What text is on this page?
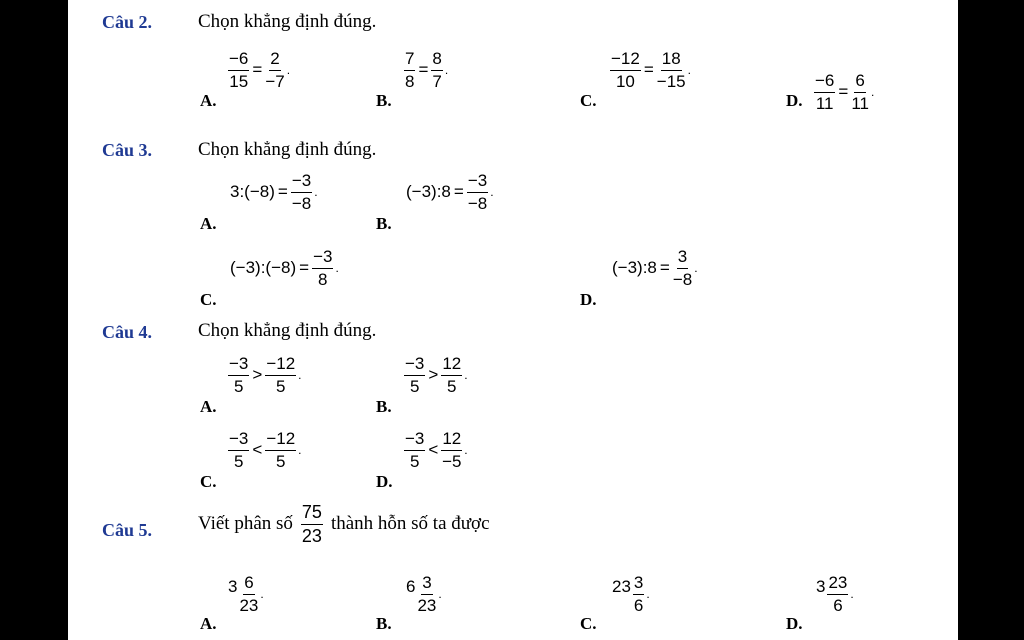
Câu 2. Chọn khẳng định đúng.
A.
$\frac{-6}{15} = \frac{2}{-7}$ .
B.
$\frac{7}{8} = \frac{8}{7}$ .
C.
$\frac{-12}{10} = \frac{18}{-15}$ .
D. $\frac{-6}{11} = \frac{6}{11}$ .
Câu 3. Chọn khẳng định đúng.
A.
3:(−8) = $\frac{-3}{-8}$ .
B.
(−3):8 = $\frac{-3}{-8}$ .
C.
(−3):(−8) = $\frac{-3}{8}$ .
D.
(−3):8 = $\frac{3}{-8}$ .
Câu 4. Chọn khẳng định đúng.
A.
$\frac{-3}{5} > \frac{-12}{5}$ .
B.
$\frac{-3}{5} > \frac{12}{5}$ .
C.
$\frac{-3}{5} < \frac{-12}{5}$ .
D.
$\frac{-3}{5} < \frac{12}{-5}$ .
Câu 5. Viết phân số $\frac{75}{23}$ thành hỗn số ta được
A.
$3 \frac{6}{23}$ .
B.
$6 \frac{3}{23}$ .
C.
$23 \frac{3}{6}$ .
D.
$3 \frac{23}{6}$ .
